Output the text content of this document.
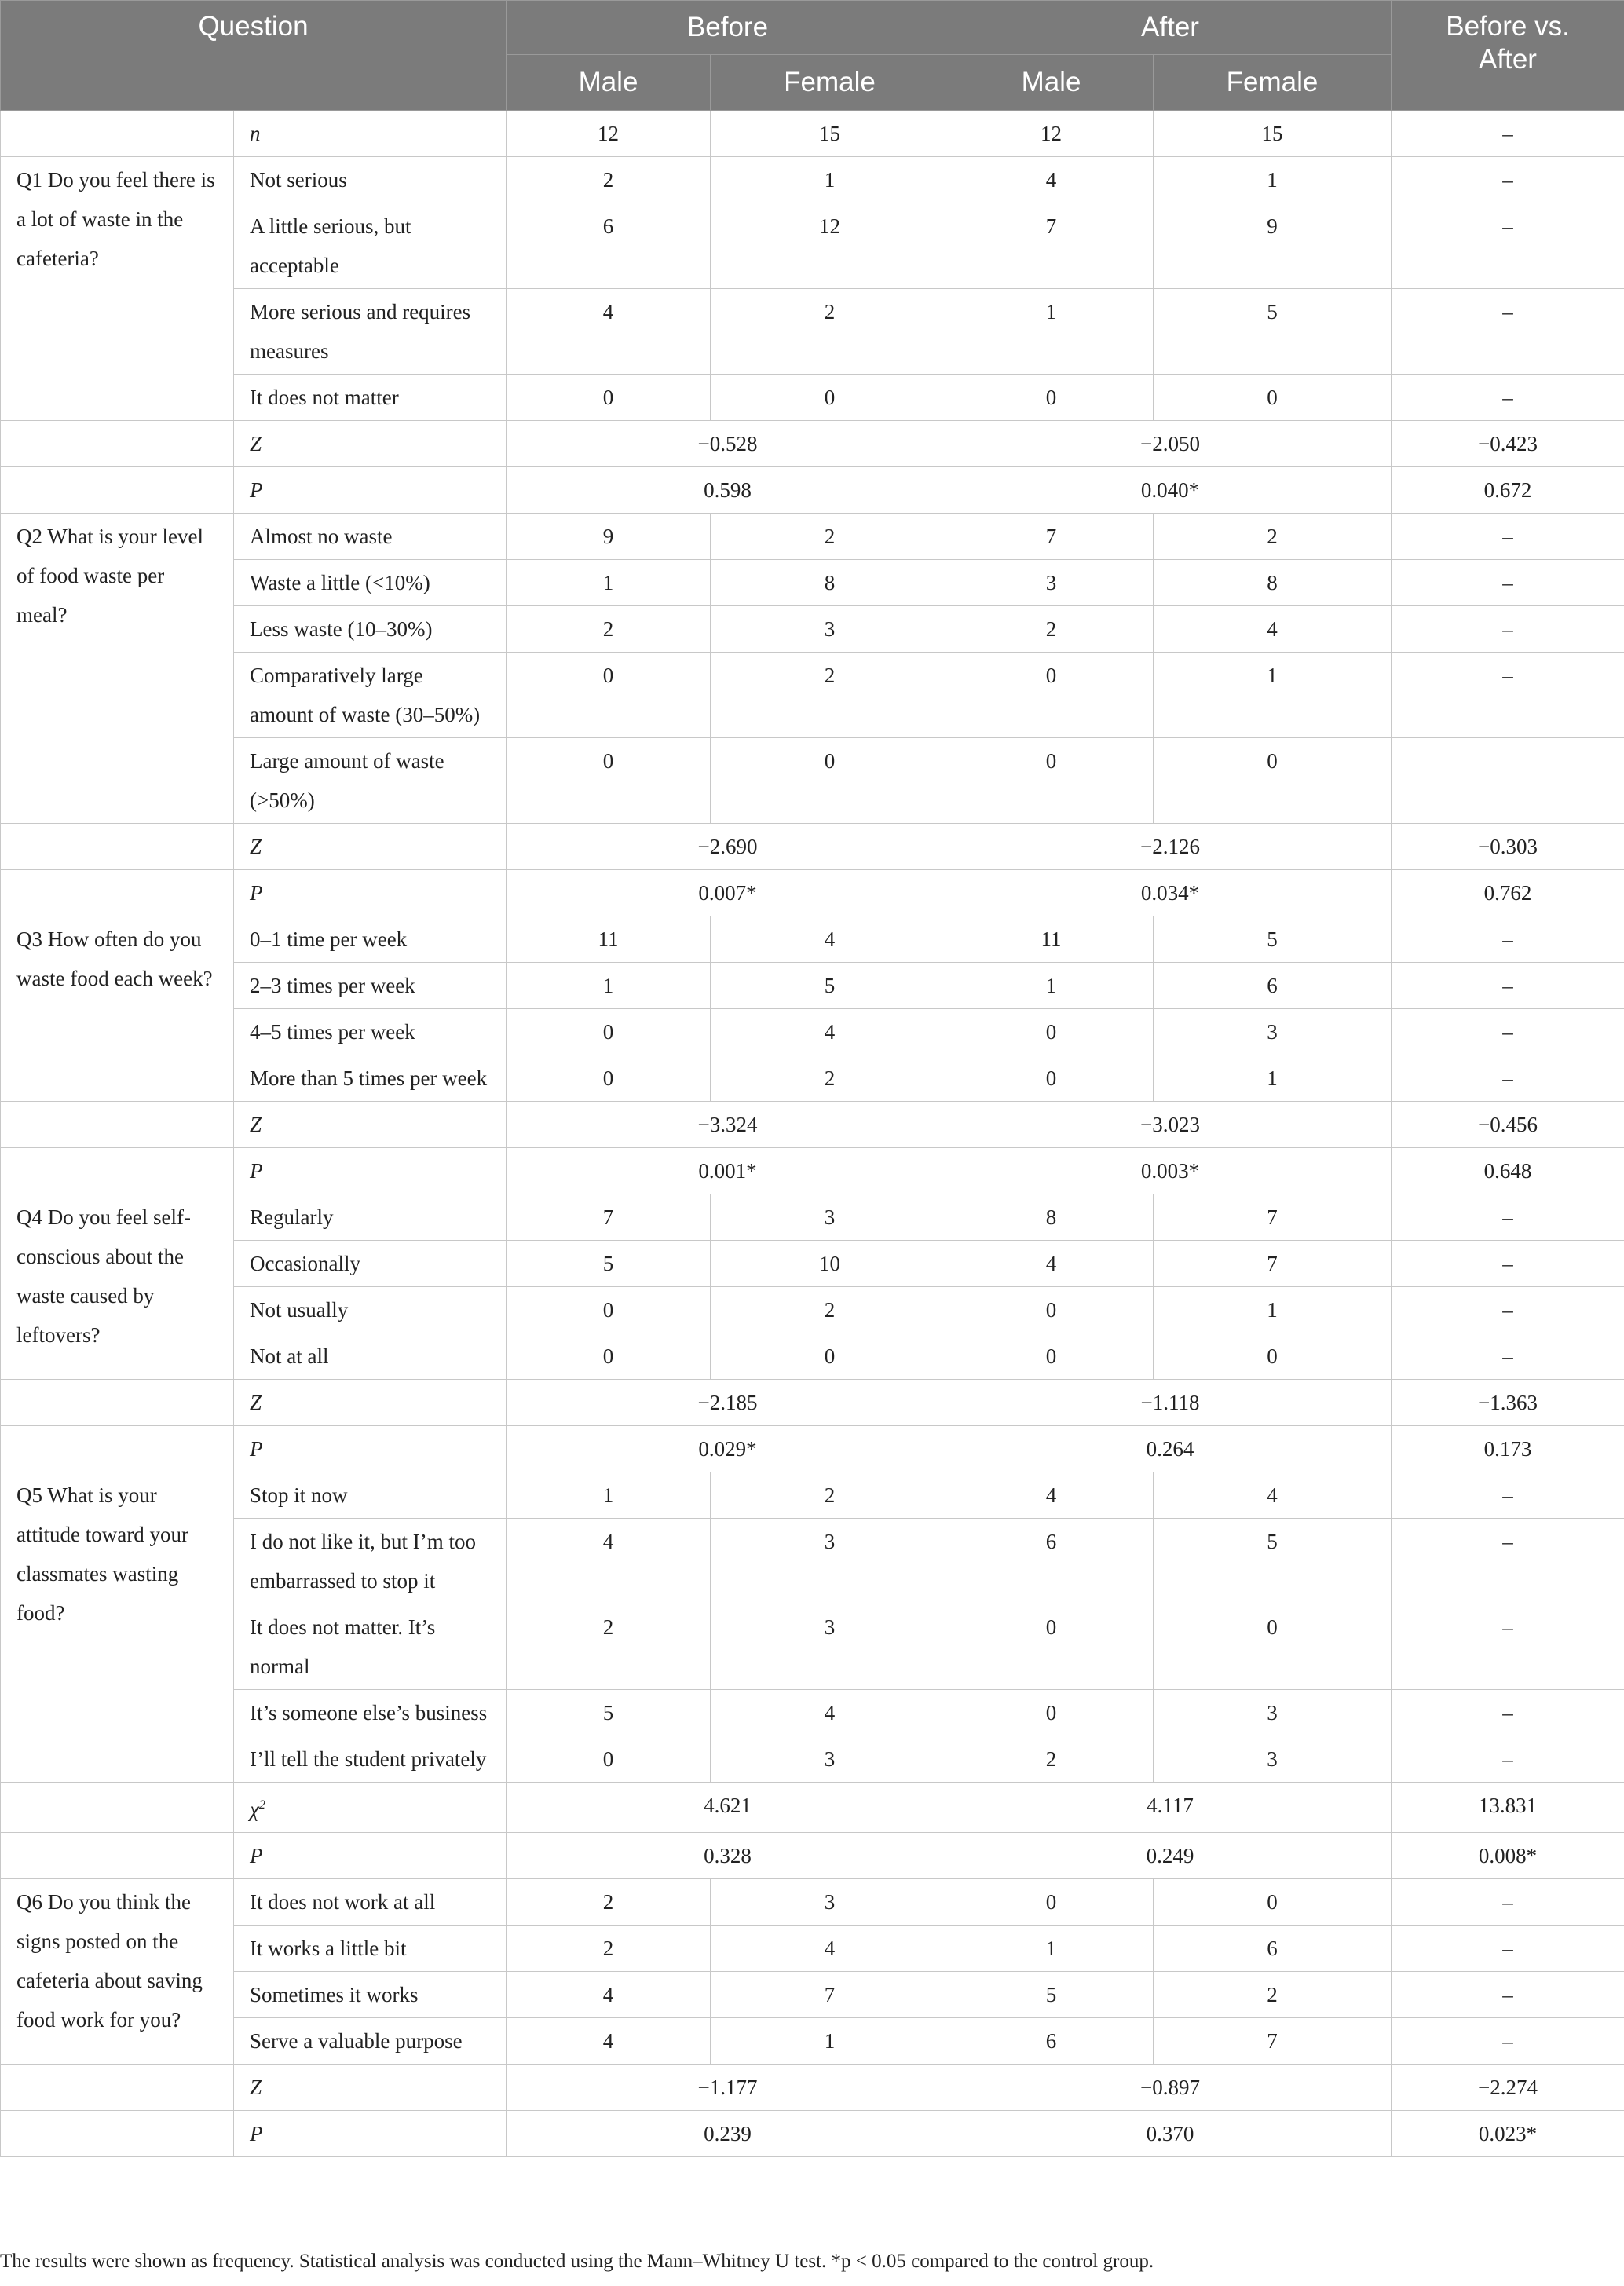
Question		Before		After		Before vs. After
		Male	Female	Male	Female	
	n	12	15	12	15	–
Q1 Do you feel there is a lot of waste in the cafeteria?	Not serious	2	1	4	1	–
	A little serious, but acceptable	6	12	7	9	–
	More serious and requires measures	4	2	1	5	–
	It does not matter	0	0	0	0	–
	Z	−0.528		−2.050		−0.423
	P	0.598		0.040*		0.672
Q2 What is your level of food waste per meal?	Almost no waste	9	2	7	2	–
	Waste a little (<10%)	1	8	3	8	–
	Less waste (10–30%)	2	3	2	4	–
	Comparatively large amount of waste (30–50%)	0	2	0	1	–
	Large amount of waste (>50%)	0	0	0	0	
	Z	−2.690		−2.126		−0.303
	P	0.007*		0.034*		0.762
Q3 How often do you waste food each week?	0–1 time per week	11	4	11	5	–
	2–3 times per week	1	5	1	6	–
	4–5 times per week	0	4	0	3	–
	More than 5 times per week	0	2	0	1	–
	Z	−3.324		−3.023		−0.456
	P	0.001*		0.003*		0.648
Q4 Do you feel self-conscious about the waste caused by leftovers?	Regularly	7	3	8	7	–
	Occasionally	5	10	4	7	–
	Not usually	0	2	0	1	–
	Not at all	0	0	0	0	–
	Z	−2.185		−1.118		−1.363
	P	0.029*		0.264		0.173
Q5 What is your attitude toward your classmates wasting food?	Stop it now	1	2	4	4	–
	I do not like it, but I’m too embarrassed to stop it	4	3	6	5	–
	It does not matter. It’s normal	2	3	0	0	–
	It’s someone else’s business	5	4	0	3	–
	I’ll tell the student privately	0	3	2	3	–
	$\chi^2$	4.621		4.117		13.831
	P	0.328		0.249		0.008*
Q6 Do you think the signs posted on the cafeteria about saving food work for you?	It does not work at all	2	3	0	0	–
	It works a little bit	2	4	1	6	–
	Sometimes it works	4	7	5	2	–
	Serve a valuable purpose	4	1	6	7	–
	Z	−1.177		−0.897		−2.274
	P	0.239		0.370		0.023*
The results were shown as frequency. Statistical analysis was conducted using the Mann–Whitney U test. *p < 0.05 compared to the control group.
